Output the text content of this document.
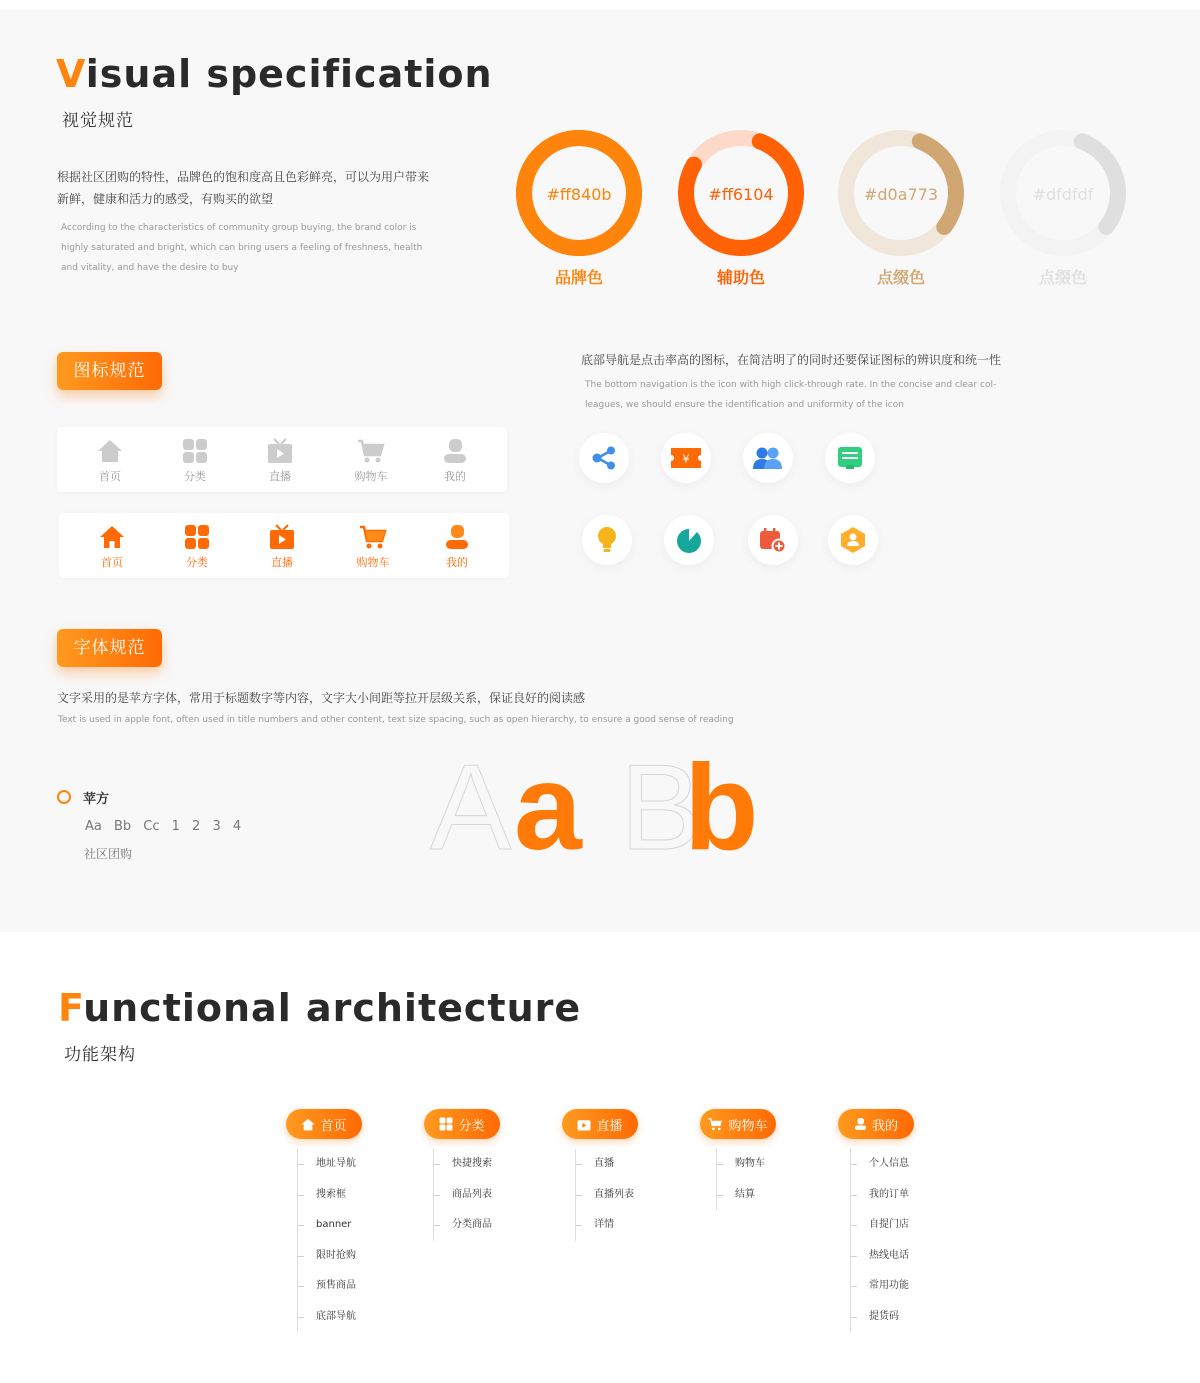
Visual specification
视觉规范
根据社区团购的特性，品牌色的饱和度高且色彩鲜亮，可以为用户带来新鲜，健康和活力的感受，有购买的欲望
According to the characteristics of community group buying, the brand color is highly saturated and bright, which can bring users a feeling of freshness, health and vitality, and have the desire to buy
#ff840b
品牌色
#ff6104
辅助色
#d0a773
点缀色
#dfdfdf
点缀色
图标规范
首页	分类	直播	购物车	我的
首页	分类	直播	购物车	我的
底部导航是点击率高的图标，在简洁明了的同时还要保证图标的辨识度和统一性
The bottom navigation is the icon with high click-through rate. In the concise and clear col-
leagues, we should ensure the identification and uniformity of the icon
¥
字体规范
文字采用的是苹方字体，常用于标题数字等内容，文字大小间距等拉开层级关系，保证良好的阅读感
Text is used in apple font, often used in title numbers and other content, text size spacing, such as open hierarchy, to ensure a good sense of reading
苹方
Aa Bb Cc 1 2 3 4
社区团购 A a B
b
Functional architecture
功能架构
首页	分类	直播	购物车	我的
地址导航
搜索框
banner
限时抢购
预售商品
底部导航
快捷搜索
商品列表
分类商品
直播
直播列表
详情
购物车
结算
个人信息
我的订单
自提门店
热线电话
常用功能
提货码
